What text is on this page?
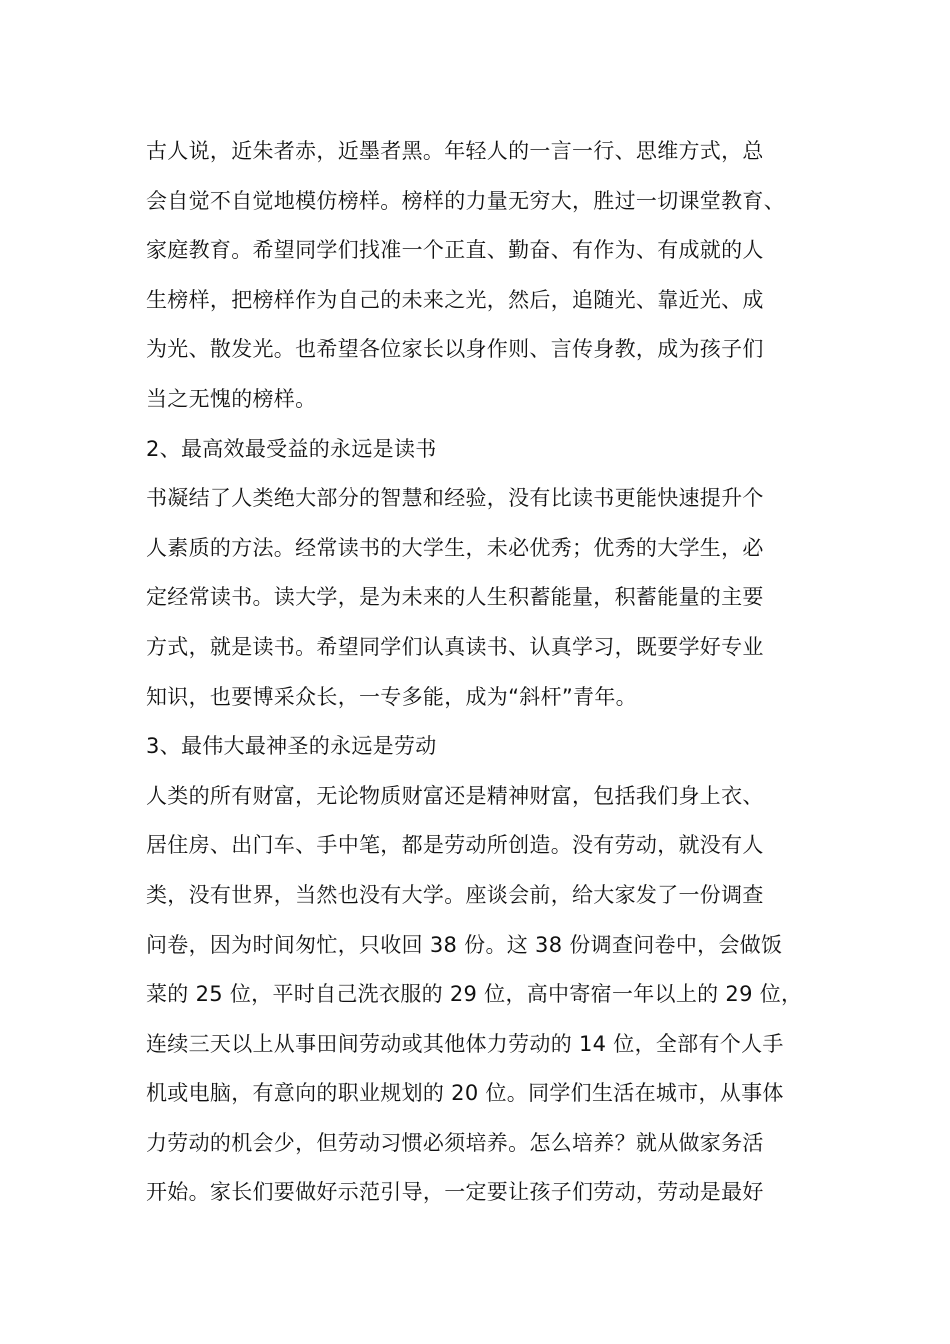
古人说，近朱者赤，近墨者黑。年轻人的一言一行、思维方式，总
会自觉不自觉地模仿榜样。榜样的力量无穷大，胜过一切课堂教育、
家庭教育。希望同学们找准一个正直、勤奋、有作为、有成就的人
生榜样，把榜样作为自己的未来之光，然后，追随光、靠近光、成
为光、散发光。也希望各位家长以身作则、言传身教，成为孩子们
当之无愧的榜样。
2、最高效最受益的永远是读书
书凝结了人类绝大部分的智慧和经验，没有比读书更能快速提升个
人素质的方法。经常读书的大学生，未必优秀；优秀的大学生，必
定经常读书。读大学，是为未来的人生积蓄能量，积蓄能量的主要
方式，就是读书。希望同学们认真读书、认真学习，既要学好专业
知识，也要博采众长，一专多能，成为“斜杆”青年。
3、最伟大最神圣的永远是劳动
人类的所有财富，无论物质财富还是精神财富，包括我们身上衣、
居住房、出门车、手中笔，都是劳动所创造。没有劳动，就没有人
类，没有世界，当然也没有大学。座谈会前，给大家发了一份调查
问卷，因为时间匆忙，只收回 38 份。这 38 份调查问卷中，会做饭
菜的 25 位，平时自己洗衣服的 29 位，高中寄宿一年以上的 29 位，
连续三天以上从事田间劳动或其他体力劳动的 14 位，全部有个人手
机或电脑，有意向的职业规划的 20 位。同学们生活在城市，从事体
力劳动的机会少，但劳动习惯必须培养。怎么培养？就从做家务活
开始。家长们要做好示范引导，一定要让孩子们劳动，劳动是最好
